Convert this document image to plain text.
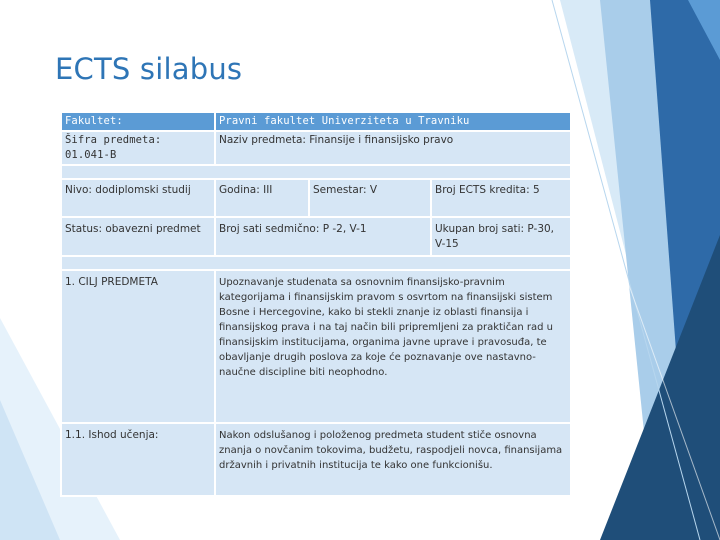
ECTS silabus
Fakultet:	Pravni fakultet Univerziteta u Travniku		
Šifra predmeta: 01.041-B	Naziv predmeta: Finansije i finansijsko pravo		

Nivo: dodiplomski studij	Godina: III	Semestar: V	Broj ECTS kredita: 5
Status: obavezni predmet	Broj sati sedmično: P -2, V-1		Ukupan broj sati: P-30, V-15

1. CILJ PREDMETA	Upoznavanje studenata sa osnovnim finansijsko-pravnim kategorijama i finansijskim pravom s osvrtom na finansijski sistem Bosne i Hercegovine, kako bi stekli znanje iz oblasti finansija i finansijskog prava i na taj način bili pripremljeni za praktičan rad u finansijskim institucijama, organima javne uprave i pravosuđa, te obavljanje drugih poslova za koje će poznavanje ove nastavno-naučne discipline biti neophodno.		
1.1. Ishod učenja:	Nakon odslušanog i položenog predmeta student stiče osnovna znanja o novčanim tokovima, budžetu, raspodjeli novca, finansijama državnih i privatnih institucija te kako one funkcionišu.		
